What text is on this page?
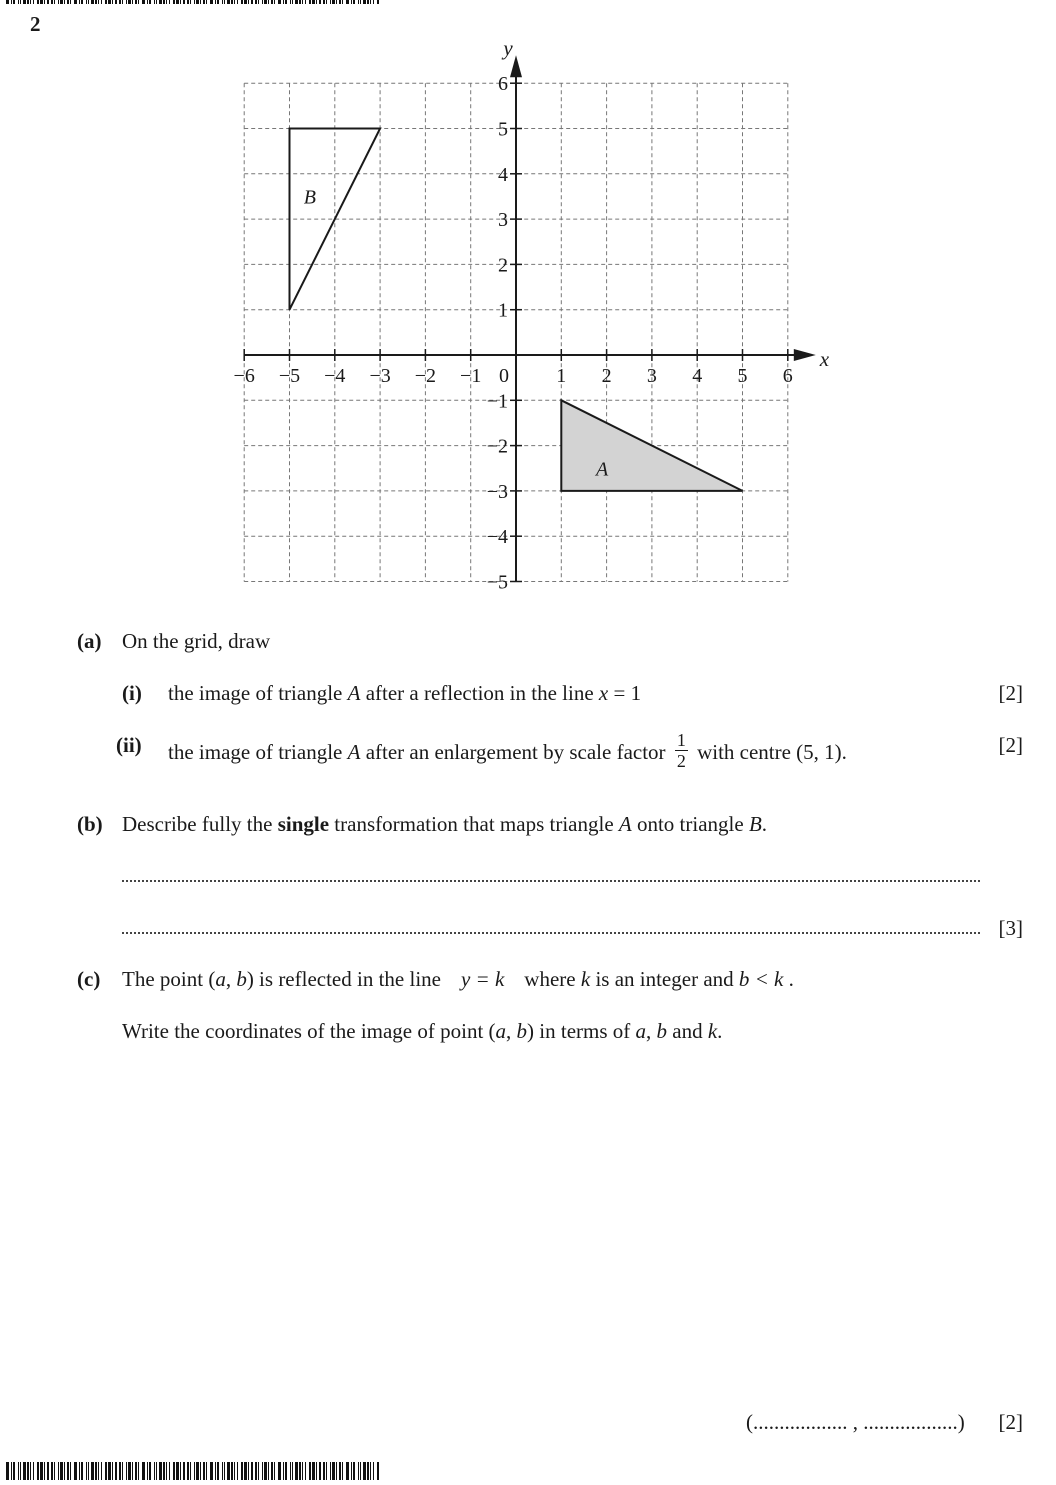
2
A
B
x
y
0
−6 −5 −4 −3 −2 −1	1 2 3 4 5 6
6
5
4
3
2
1
−1
−2
−3
−4
−5
(a) On the grid, draw
(i) the image of triangle A after a reflection in the line x = 1	[2]
(ii) the image of triangle A after an enlargement by scale factor $\frac{1}{2}$ with centre (5, 1).	[2]
(b) Describe fully the single transformation that maps triangle A onto triangle B.
[3]
(c) The point (a, b) is reflected in the line y = k where k is an integer and b < k .
Write the coordinates of the image of point (a, b) in terms of a, b and k.
(.................. , ..................) [2]
